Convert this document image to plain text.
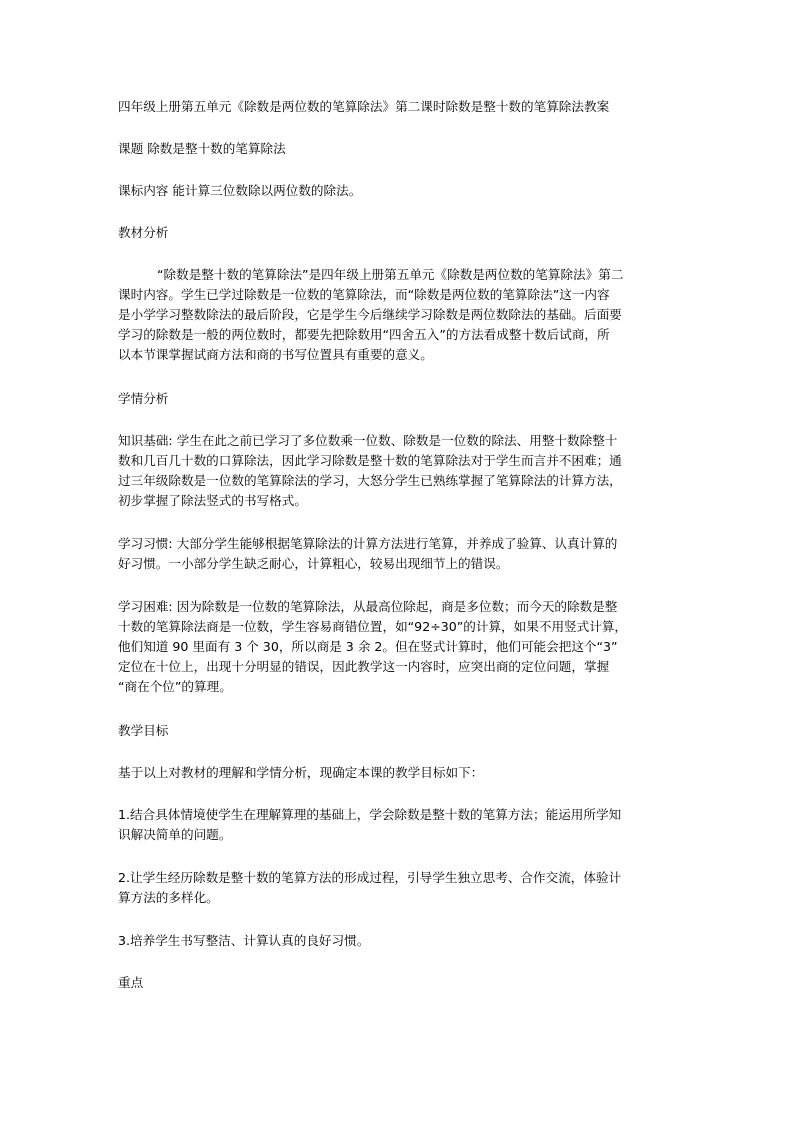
四年级上册第五单元《除数是两位数的笔算除法》第二课时除数是整十数的笔算除法教案
课题 除数是整十数的笔算除法
课标内容 能计算三位数除以两位数的除法。
教材分析
“除数是整十数的笔算除法”是四年级上册第五单元《除数是两位数的笔算除法》第二
课时内容。学生已学过除数是一位数的笔算除法，而“除数是两位数的笔算除法”这一内容
是小学学习整数除法的最后阶段，它是学生今后继续学习除数是两位数除法的基础。后面要
学习的除数是一般的两位数时，都要先把除数用“四舍五入”的方法看成整十数后试商，所
以本节课掌握试商方法和商的书写位置具有重要的意义。
学情分析
知识基础: 学生在此之前已学习了多位数乘一位数、除数是一位数的除法、用整十数除整十
数和几百几十数的口算除法，因此学习除数是整十数的笔算除法对于学生而言并不困难；通
过三年级除数是一位数的笔算除法的学习，大怒分学生已熟练掌握了笔算除法的计算方法，
初步掌握了除法竖式的书写格式。
学习习惯: 大部分学生能够根据笔算除法的计算方法进行笔算，并养成了验算、认真计算的
好习惯。一小部分学生缺乏耐心，计算粗心，较易出现细节上的错误。
学习困难: 因为除数是一位数的笔算除法，从最高位除起，商是多位数；而今天的除数是整
十数的笔算除法商是一位数，学生容易商错位置，如“92÷30”的计算，如果不用竖式计算，
他们知道 90 里面有 3 个 30，所以商是 3 余 2。但在竖式计算时，他们可能会把这个“3”
定位在十位上，出现十分明显的错误，因此教学这一内容时，应突出商的定位问题，掌握
“商在个位”的算理。
教学目标
基于以上对教材的理解和学情分析，现确定本课的教学目标如下：
1.结合具体情境使学生在理解算理的基础上，学会除数是整十数的笔算方法；能运用所学知
识解决简单的问题。
2.让学生经历除数是整十数的笔算方法的形成过程，引导学生独立思考、合作交流，体验计
算方法的多样化。
3.培养学生书写整洁、计算认真的良好习惯。
重点
